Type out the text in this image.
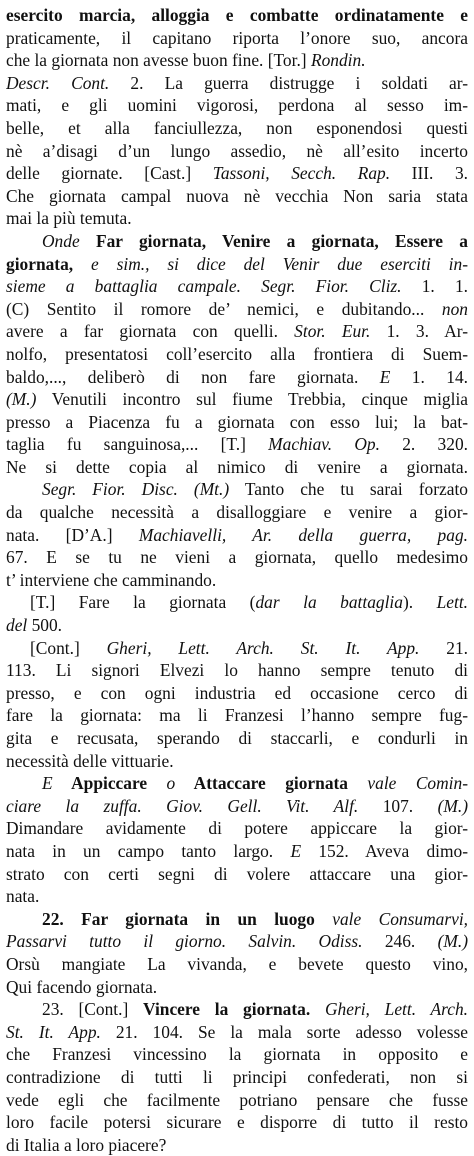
esercito marcia, alloggia e combatte ordinatamente e
praticamente, il capitano riporta l’onore suo, ancora
che la giornata non avesse buon fine. [Tor.] Rondin.
Descr. Cont. 2. La guerra distrugge i soldati ar-
mati, e gli uomini vigorosi, perdona al sesso im-
belle, et alla fanciullezza, non esponendosi questi
nè a’disagi d’un lungo assedio, nè all’esito incerto
delle giornate. [Cast.] Tassoni, Secch. Rap. III. 3.
Che giornata campal nuova nè vecchia Non saria stata
mai la più temuta.
Onde Far giornata, Venire a giornata, Essere a
giornata, e sim., si dice del Venir due eserciti in-
sieme a battaglia campale. Segr. Fior. Cliz. 1. 1.
(C) Sentito il romore de’ nemici, e dubitando... non
avere a far giornata con quelli. Stor. Eur. 1. 3. Ar-
nolfo, presentatosi coll’esercito alla frontiera di Suem-
baldo,..., deliberò di non fare giornata. E 1. 14.
(M.) Venutili incontro sul fiume Trebbia, cinque miglia
presso a Piacenza fu a giornata con esso lui; la bat-
taglia fu sanguinosa,... [T.] Machiav. Op. 2. 320.
Ne si dette copia al nimico di venire a giornata.
Segr. Fior. Disc. (Mt.) Tanto che tu sarai forzato
da qualche necessità a disalloggiare e venire a gior-
nata. [D’A.] Machiavelli, Ar. della guerra, pag.
67. E se tu ne vieni a giornata, quello medesimo
t’ interviene che camminando.
[T.] Fare la giornata (dar la battaglia). Lett.
del 500.
[Cont.] Gheri, Lett. Arch. St. It. App. 21.
113. Li signori Elvezi lo hanno sempre tenuto di
presso, e con ogni industria ed occasione cerco di
fare la giornata: ma li Franzesi l’hanno sempre fug-
gita e recusata, sperando di staccarli, e condurli in
necessità delle vittuarie.
E Appiccare o Attaccare giornata vale Comin-
ciare la zuffa. Giov. Gell. Vit. Alf. 107. (M.)
Dimandare avidamente di potere appiccare la gior-
nata in un campo tanto largo. E 152. Aveva dimo-
strato con certi segni di volere attaccare una gior-
nata.
22. Far giornata in un luogo vale Consumarvi,
Passarvi tutto il giorno. Salvin. Odiss. 246. (M.)
Orsù mangiate La vivanda, e bevete questo vino,
Qui facendo giornata.
23. [Cont.] Vincere la giornata. Gheri, Lett. Arch.
St. It. App. 21. 104. Se la mala sorte adesso volesse
che Franzesi vincessino la giornata in opposito e
contradizione di tutti li principi confederati, non si
vede egli che facilmente potriano pensare che fusse
loro facile potersi sicurare e disporre di tutto il resto
di Italia a loro piacere?
